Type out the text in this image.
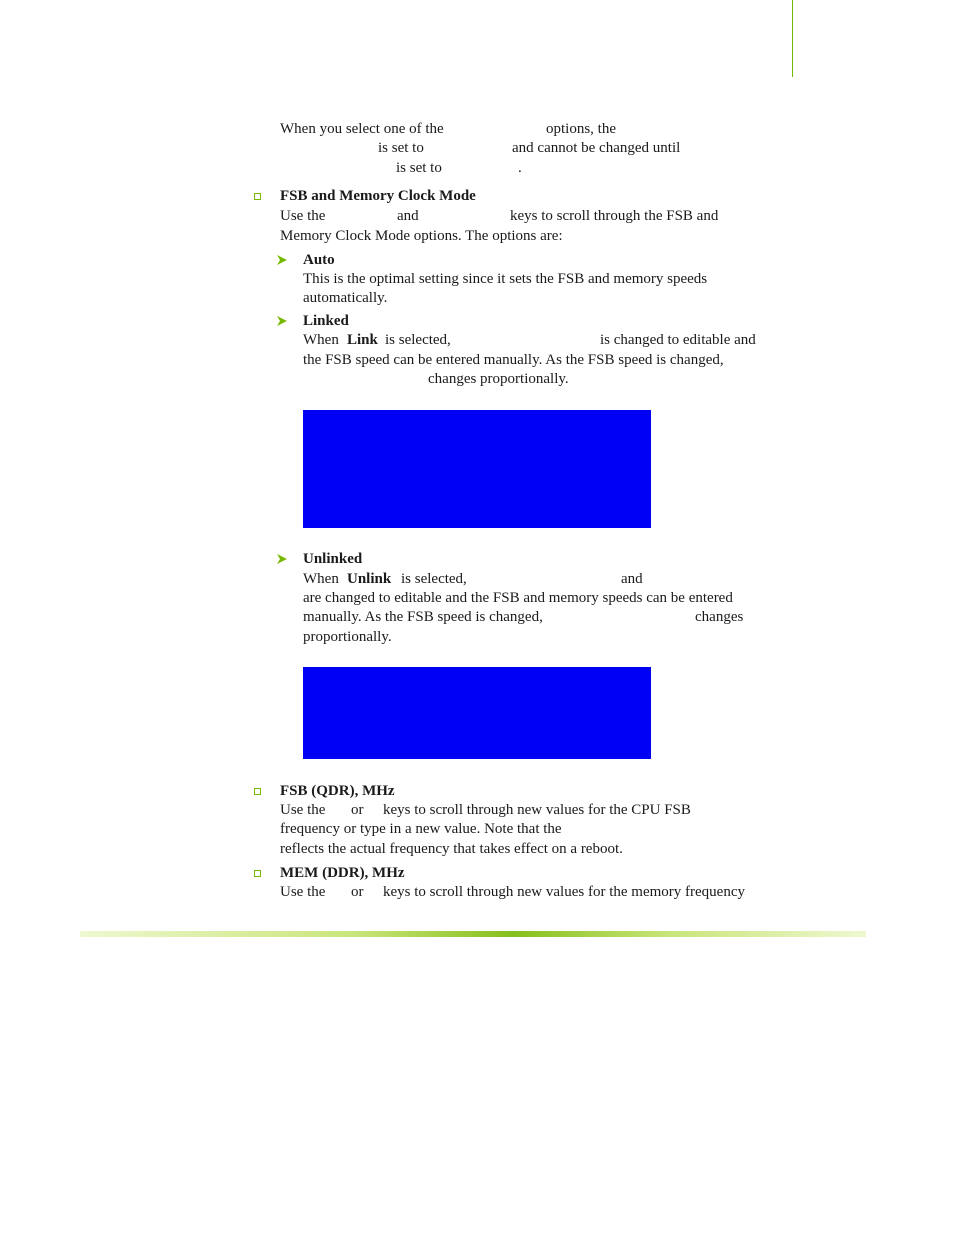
When you select one of the	options, the
is set to	and cannot be changed until
is set to	.
FSB and Memory Clock Mode
Use the	and	keys to scroll through the FSB and
Memory Clock Mode options. The options are:
Auto
This is the optimal setting since it sets the FSB and memory speeds
automatically.
Linked
When Link is selected,	is changed to editable and
the FSB speed can be entered manually. As the FSB speed is changed,
changes proportionally.
Unlinked
When Unlink is selected,	and
are changed to editable and the FSB and memory speeds can be entered
manually. As the FSB speed is changed,	changes
proportionally.
FSB (QDR), MHz
Use the or keys to scroll through new values for the CPU FSB
frequency or type in a new value. Note that the
reflects the actual frequency that takes effect on a reboot.
MEM (DDR), MHz
Use the or keys to scroll through new values for the memory frequency
